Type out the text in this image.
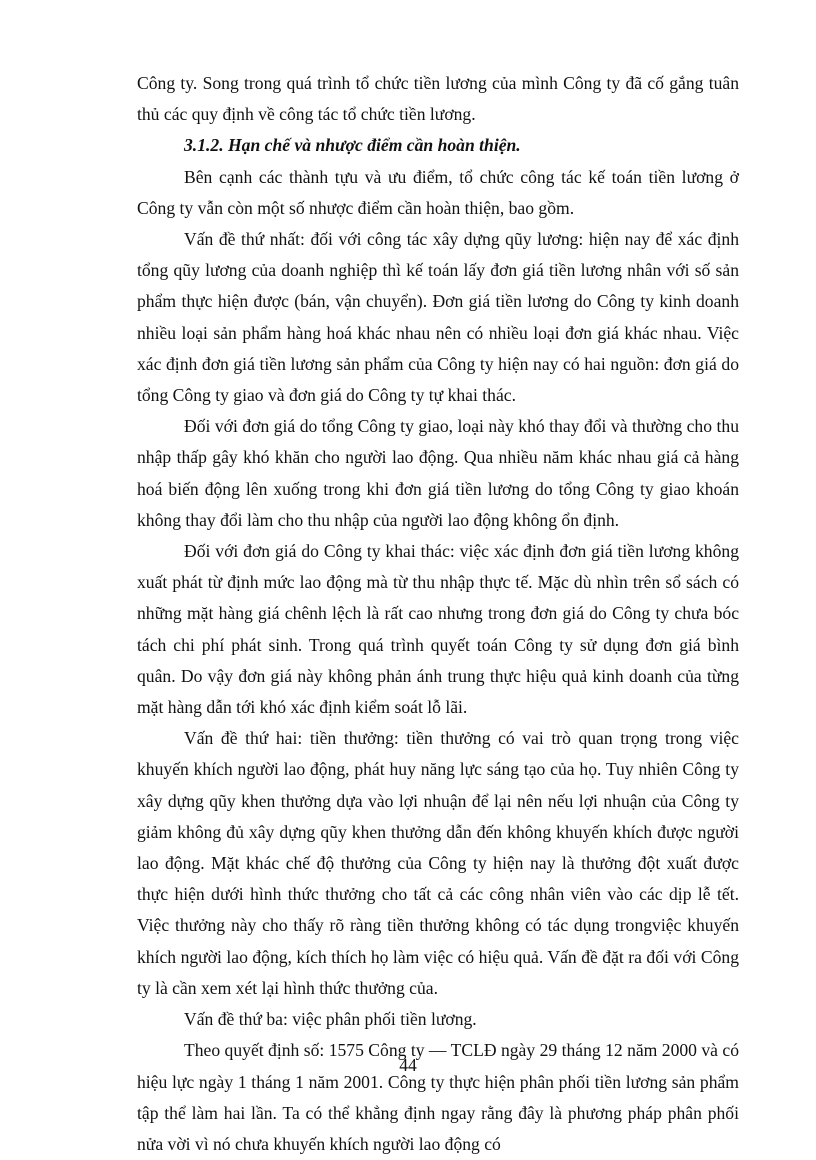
Công ty. Song trong quá trình tổ chức tiền lương của mình Công ty đã cố gắng tuân thủ các quy định về công tác tổ chức tiền lương.

3.1.2. Hạn chế và nhược điểm cần hoàn thiện.

Bên cạnh các thành tựu và ưu điểm, tổ chức công tác kế toán tiền lương ở Công ty vẫn còn một số nhược điểm cần hoàn thiện, bao gồm.

Vấn đề thứ nhất: đối với công tác xây dựng qũy lương: hiện nay để xác định tổng qũy lương của doanh nghiệp thì kế toán lấy đơn giá tiền lương nhân với số sản phẩm thực hiện được (bán, vận chuyển). Đơn giá tiền lương do Công ty kinh doanh nhiều loại sản phẩm hàng hoá khác nhau nên có nhiều loại đơn giá khác nhau. Việc xác định đơn giá tiền lương sản phẩm của Công ty hiện nay có hai nguồn: đơn giá do tổng Công ty giao và đơn giá do Công ty tự khai thác.

Đối với đơn giá do tổng Công ty giao, loại này khó thay đổi và thường cho thu nhập thấp gây khó khăn cho người lao động. Qua nhiều năm khác nhau giá cả hàng hoá biến động lên xuống trong khi đơn giá tiền lương do tổng Công ty giao khoán không thay đổi làm cho thu nhập của người lao động không ổn định.

Đối với đơn giá do Công ty khai thác: việc xác định đơn giá tiền lương không xuất phát từ định mức lao động mà từ thu nhập thực tế. Mặc dù nhìn trên sổ sách có những mặt hàng giá chênh lệch là rất cao nhưng trong đơn giá do Công ty chưa bóc tách chi phí phát sinh. Trong quá trình quyết toán Công ty sử dụng đơn giá bình quân. Do vậy đơn giá này không phản ánh trung thực hiệu quả kinh doanh của từng mặt hàng dẫn tới khó xác định kiểm soát lỗ lãi.

Vấn đề thứ hai: tiền thưởng: tiền thưởng có vai trò quan trọng trong việc khuyến khích người lao động, phát huy năng lực sáng tạo của họ. Tuy nhiên Công ty xây dựng qũy khen thưởng dựa vào lợi nhuận để lại nên nếu lợi nhuận của Công ty giảm không đủ xây dựng qũy khen thưởng dẫn đến không khuyến khích được người lao động. Mặt khác chế độ thưởng của Công ty hiện nay là thưởng đột xuất được thực hiện dưới hình thức thưởng cho tất cả các công nhân viên vào các dịp lễ tết. Việc thưởng này cho thấy rõ ràng tiền thưởng không có tác dụng trongviệc khuyến khích người lao động, kích thích họ làm việc có hiệu quả. Vấn đề đặt ra đối với Công ty là cần xem xét lại hình thức thưởng của.

Vấn đề thứ ba: việc phân phối tiền lương.

Theo quyết định số: 1575 Công ty — TCLĐ ngày 29 tháng 12 năm 2000 và có hiệu lực ngày 1 tháng 1 năm 2001. Công ty thực hiện phân phối tiền lương sản phẩm tập thể làm hai lần. Ta có thể khẳng định ngay rằng đây là phương pháp phân phối nửa vời vì nó chưa khuyến khích người lao động có

44
